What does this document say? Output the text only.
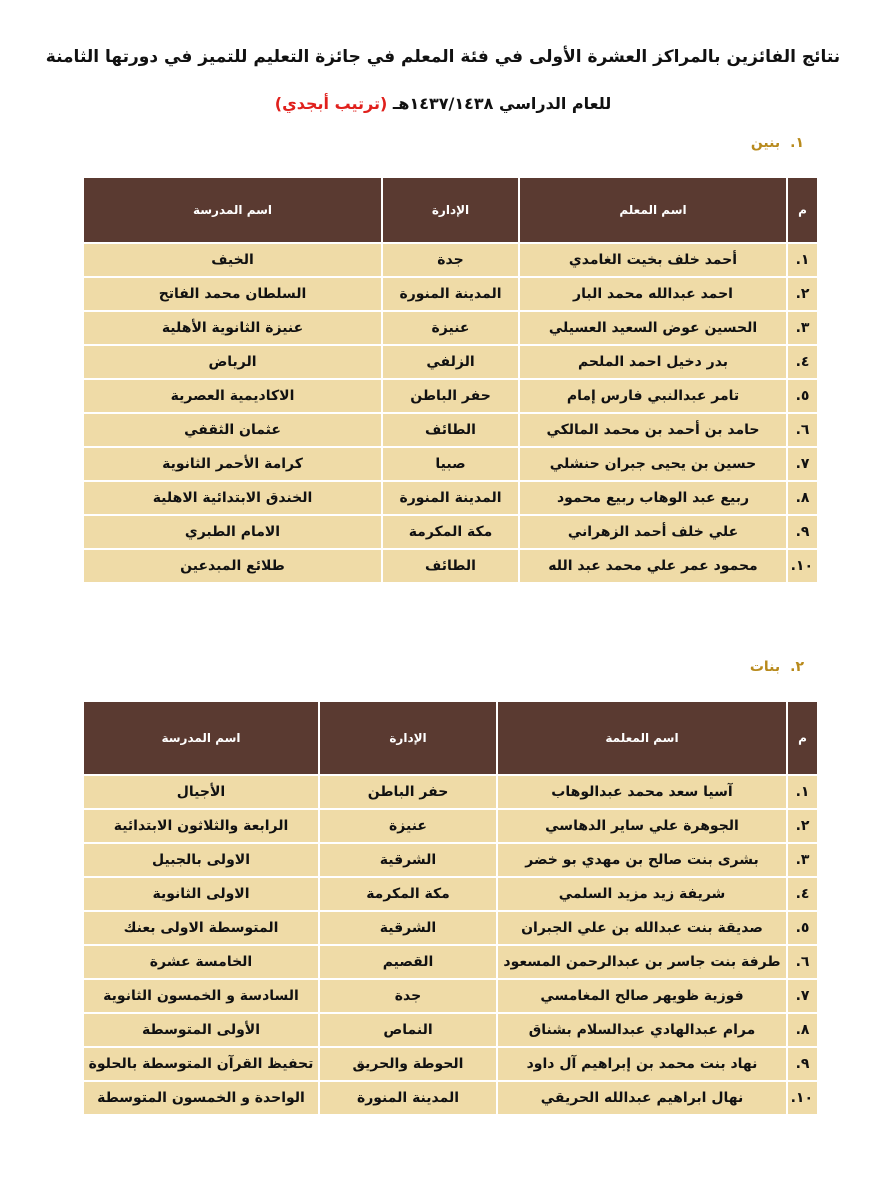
نتائج الفائزين بالمراكز العشرة الأولى في فئة المعلم في جائزة التعليم للتميز في دورتها الثامنة
للعام الدراسي ١٤٣٧/١٤٣٨هـ (ترتيب أبجدي)
١.بنين
م	اسم المعلم	الإدارة	اسم المدرسة
١.	أحمد خلف بخيت الغامدي	جدة	الخيف
٢.	احمد عبدالله محمد البار	المدينة المنورة	السلطان محمد الفاتح
٣.	الحسين عوض السعيد العسيلي	عنيزة	عنيزة الثانوية الأهلية
٤.	بدر دخيل احمد الملحم	الزلفي	الرياض
٥.	تامر عبدالنبي فارس إمام	حفر الباطن	الاكاديمية العصرية
٦.	حامد بن أحمد بن محمد المالكي	الطائف	عثمان الثقفي
٧.	حسين بن يحيى جبران حنشلي	صبيا	كرامة الأحمر الثانوية
٨.	ربيع عبد الوهاب ربيع محمود	المدينة المنورة	الخندق الابتدائية الاهلية
٩.	علي خلف أحمد الزهراني	مكة المكرمة	الامام الطبري
١٠.	محمود عمر علي محمد عبد الله	الطائف	طلائع المبدعين
٢.بنات
م	اسم المعلمة	الإدارة	اسم المدرسة
١.	آسيا سعد محمد عبدالوهاب	حفر الباطن	الأجيال
٢.	الجوهرة علي ساير الدهاسي	عنيزة	الرابعة والثلاثون الابتدائية
٣.	بشرى بنت صالح بن مهدي بو خضر	الشرقية	الاولى بالجبيل
٤.	شريفة زيد مزيد السلمي	مكة المكرمة	الاولى الثانوية
٥.	صديقة بنت عبدالله بن علي الجبران	الشرقية	المتوسطة الاولى بعنك
٦.	طرفة بنت جاسر بن عبدالرحمن المسعود	القصيم	الخامسة عشرة
٧.	فوزية ظويهر صالح المغامسي	جدة	السادسة و الخمسون الثانوية
٨.	مرام عبدالهادي عبدالسلام بشناق	النماص	الأولى المتوسطة
٩.	نهاد بنت محمد بن إبراهيم آل داود	الحوطة والحريق	تحفيظ القرآن المتوسطة بالحلوة
١٠.	نهال ابراهيم عبدالله الحريقي	المدينة المنورة	الواحدة و الخمسون المتوسطة
